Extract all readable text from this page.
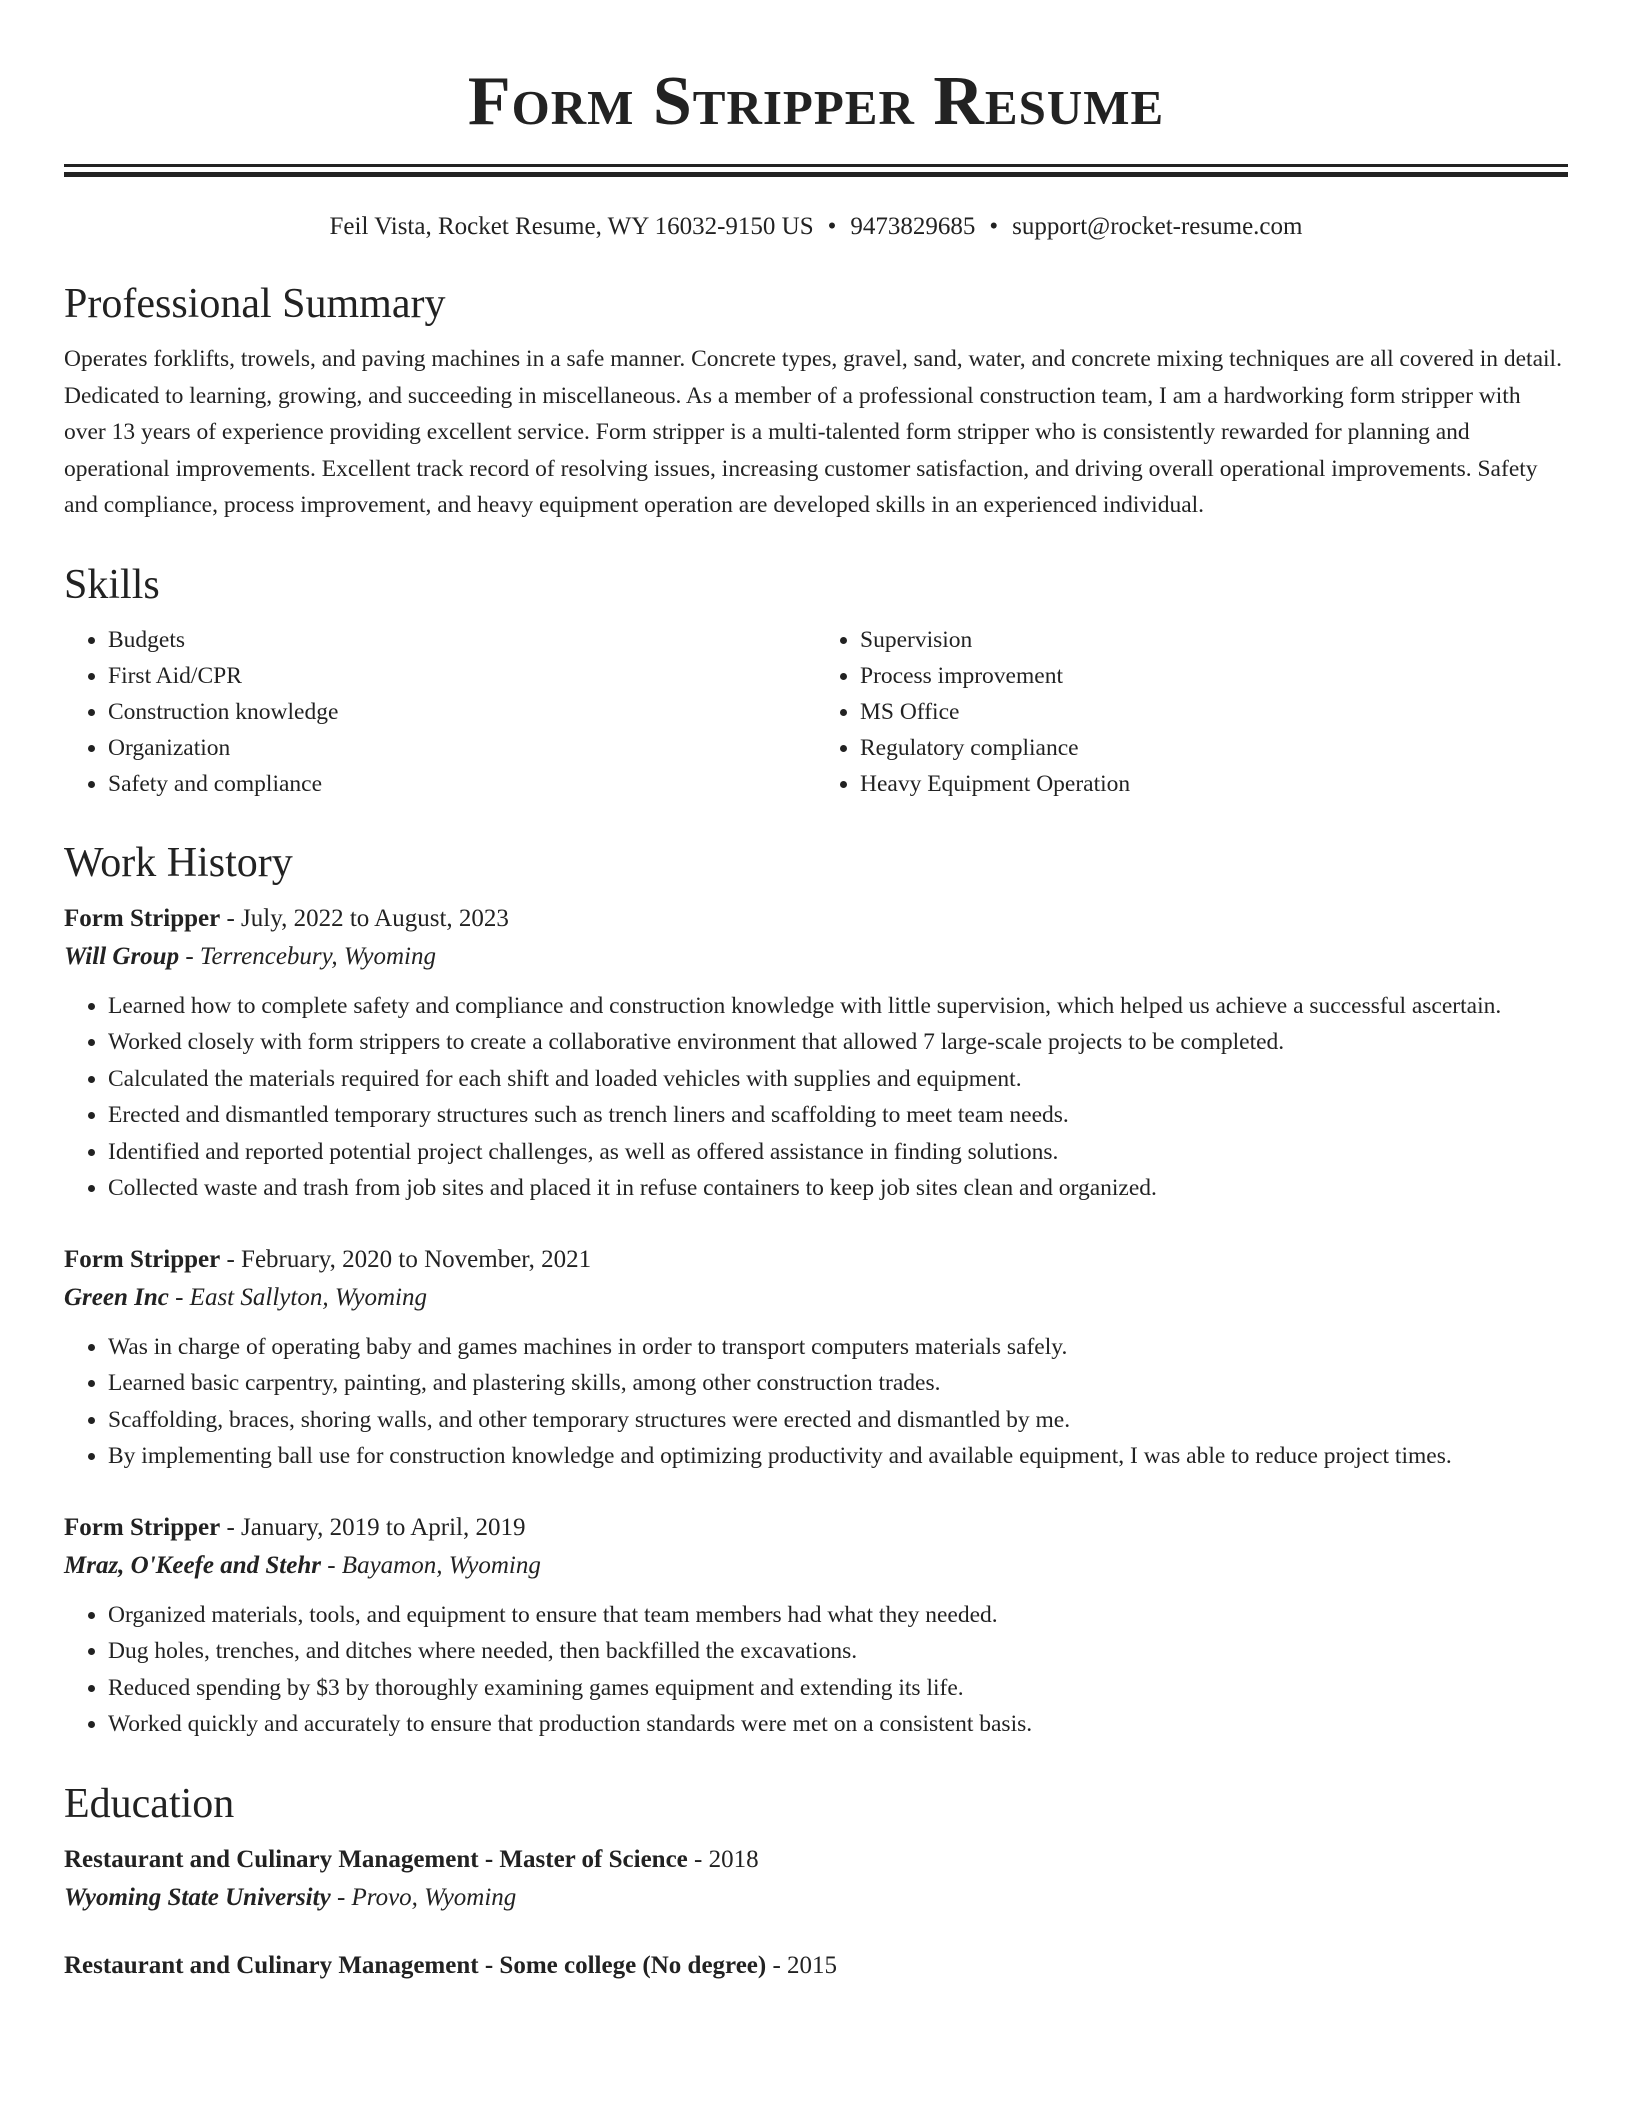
Form Stripper Resume
Feil Vista, Rocket Resume, WY 16032-9150 US • 9473829685 • support@rocket-resume.com
Professional Summary

Operates forklifts, trowels, and paving machines in a safe manner. Concrete types, gravel, sand, water, and concrete mixing techniques are all covered in detail. Dedicated to learning, growing, and succeeding in miscellaneous. As a member of a professional construction team, I am a hardworking form stripper with over 13 years of experience providing excellent service. Form stripper is a multi-talented form stripper who is consistently rewarded for planning and operational improvements. Excellent track record of resolving issues, increasing customer satisfaction, and driving overall operational improvements. Safety and compliance, process improvement, and heavy equipment operation are developed skills in an experienced individual.

Skills
• Budgets
• First Aid/CPR
• Construction knowledge
• Organization
• Safety and compliance
• Supervision
• Process improvement
• MS Office
• Regulatory compliance
• Heavy Equipment Operation
Work History

Form Stripper - July, 2022 to August, 2023

Will Group - Terrencebury, Wyoming

• Learned how to complete safety and compliance and construction knowledge with little supervision, which helped us achieve a successful ascertain.
• Worked closely with form strippers to create a collaborative environment that allowed 7 large-scale projects to be completed.
• Calculated the materials required for each shift and loaded vehicles with supplies and equipment.
• Erected and dismantled temporary structures such as trench liners and scaffolding to meet team needs.
• Identified and reported potential project challenges, as well as offered assistance in finding solutions.
• Collected waste and trash from job sites and placed it in refuse containers to keep job sites clean and organized.

Form Stripper - February, 2020 to November, 2021

Green Inc - East Sallyton, Wyoming

• Was in charge of operating baby and games machines in order to transport computers materials safely.
• Learned basic carpentry, painting, and plastering skills, among other construction trades.
• Scaffolding, braces, shoring walls, and other temporary structures were erected and dismantled by me.
• By implementing ball use for construction knowledge and optimizing productivity and available equipment, I was able to reduce project times.

Form Stripper - January, 2019 to April, 2019

Mraz, O'Keefe and Stehr - Bayamon, Wyoming

• Organized materials, tools, and equipment to ensure that team members had what they needed.
• Dug holes, trenches, and ditches where needed, then backfilled the excavations.
• Reduced spending by $3 by thoroughly examining games equipment and extending its life.
• Worked quickly and accurately to ensure that production standards were met on a consistent basis.
Education

Restaurant and Culinary Management - Master of Science - 2018

Wyoming State University - Provo, Wyoming

Restaurant and Culinary Management - Some college (No degree) - 2015
